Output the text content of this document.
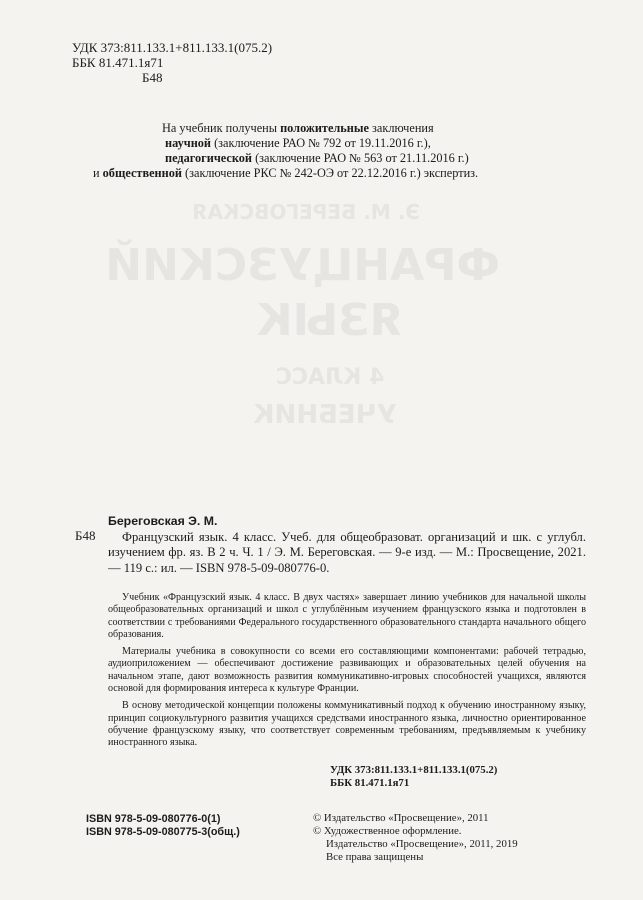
Э. М. БЕРЕГОВСКАЯ
ФРАНЦУЗСКИЙ
ЯЗЫК
4 КЛАСС
УЧЕБНИК
УДК 373:811.133.1+811.133.1(075.2)
ББК 81.471.1я71
Б48
На учебник получены положительные заключения
научной (заключение РАО № 792 от 19.11.2016 г.),
педагогической (заключение РАО № 563 от 21.11.2016 г.)
и общественной (заключение РКС № 242-ОЭ от 22.12.2016 г.) экспертиз.
Б48

Береговская Э. М.

Французский язык. 4 класс. Учеб. для общеобразоват. организаций и шк. с углубл. изучением фр. яз. В 2 ч. Ч. 1 / Э. М. Береговская. — 9-е изд. — М.: Просвещение, 2021. — 119 с.: ил. — ISBN 978-5-09-080776-0.

Учебник «Французский язык. 4 класс. В двух частях» завершает линию учебников для начальной школы общеобразовательных организаций и школ с углублённым изучением французского языка и подготовлен в соответствии с требованиями Федерального государственного образовательного стандарта начального общего образования.

Материалы учебника в совокупности со всеми его составляющими компонентами: рабочей тетрадью, аудиоприложением — обеспечивают достижение развивающих и образовательных целей обучения на начальном этапе, дают возможность развития коммуникативно-игровых способностей учащихся, являются основой для формирования интереса к культуре Франции.

В основу методической концепции положены коммуникативный подход к обучению иностранному языку, принцип социокультурного развития учащихся средствами иностранного языка, личностно ориентированное обучение французскому языку, что соответствует современным требованиям, предъявляемым к учебнику иностранного языка.

УДК 373:811.133.1+811.133.1(075.2)
ББК 81.471.1я71
ISBN 978-5-09-080776-0(1)
ISBN 978-5-09-080775-3(общ.)
© Издательство «Просвещение», 2011
© Художественное оформление.
Издательство «Просвещение», 2011, 2019
Все права защищены
